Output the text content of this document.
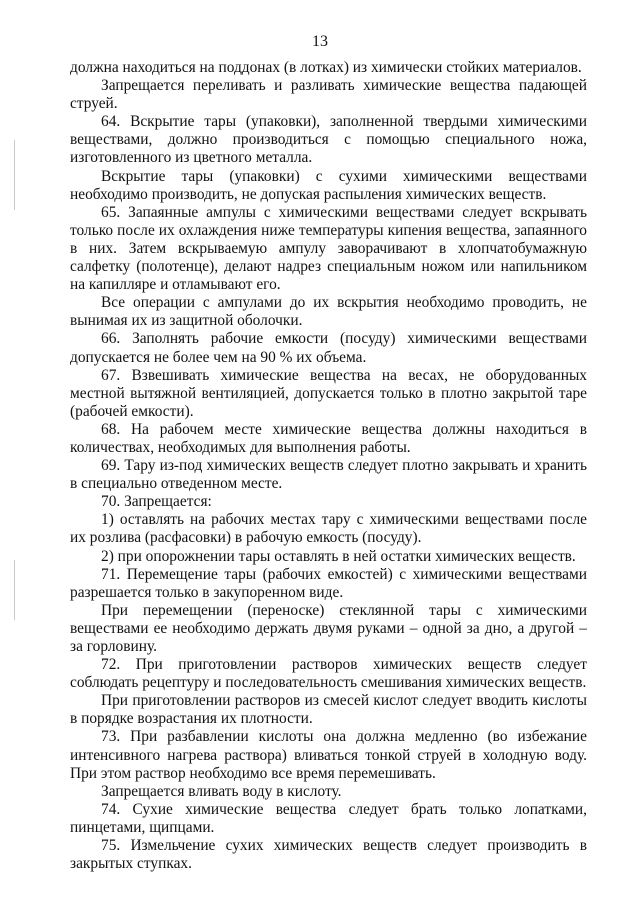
13

должна находиться на поддонах (в лотках) из химически стойких материалов.

Запрещается переливать и разливать химические вещества падающей струей.

64. Вскрытие тары (упаковки), заполненной твердыми химическими веществами, должно производиться с помощью специального ножа, изготовленного из цветного металла.

Вскрытие тары (упаковки) с сухими химическими веществами необходимо производить, не допуская распыления химических веществ.

65. Запаянные ампулы с химическими веществами следует вскрывать только после их охлаждения ниже температуры кипения вещества, запаянного в них. Затем вскрываемую ампулу заворачивают в хлопчатобумажную салфетку (полотенце), делают надрез специальным ножом или напильником на капилляре и отламывают его.

Все операции с ампулами до их вскрытия необходимо проводить, не вынимая их из защитной оболочки.

66. Заполнять рабочие емкости (посуду) химическими веществами допускается не более чем на 90 % их объема.

67. Взвешивать химические вещества на весах, не оборудованных местной вытяжной вентиляцией, допускается только в плотно закрытой таре (рабочей емкости).

68. На рабочем месте химические вещества должны находиться в количествах, необходимых для выполнения работы.

69. Тару из-под химических веществ следует плотно закрывать и хранить в специально отведенном месте.

70. Запрещается:

1) оставлять на рабочих местах тару с химическими веществами после их розлива (расфасовки) в рабочую емкость (посуду).

2) при опорожнении тары оставлять в ней остатки химических веществ.

71. Перемещение тары (рабочих емкостей) с химическими веществами разрешается только в закупоренном виде.

При перемещении (переноске) стеклянной тары с химическими веществами ее необходимо держать двумя руками – одной за дно, а другой – за горловину.

72. При приготовлении растворов химических веществ следует соблюдать рецептуру и последовательность смешивания химических веществ.

При приготовлении растворов из смесей кислот следует вводить кислоты в порядке возрастания их плотности.

73. При разбавлении кислоты она должна медленно (во избежание интенсивного нагрева раствора) вливаться тонкой струей в холодную воду. При этом раствор необходимо все время перемешивать.

Запрещается вливать воду в кислоту.

74. Сухие химические вещества следует брать только лопатками, пинцетами, щипцами.

75. Измельчение сухих химических веществ следует производить в закрытых ступках.
